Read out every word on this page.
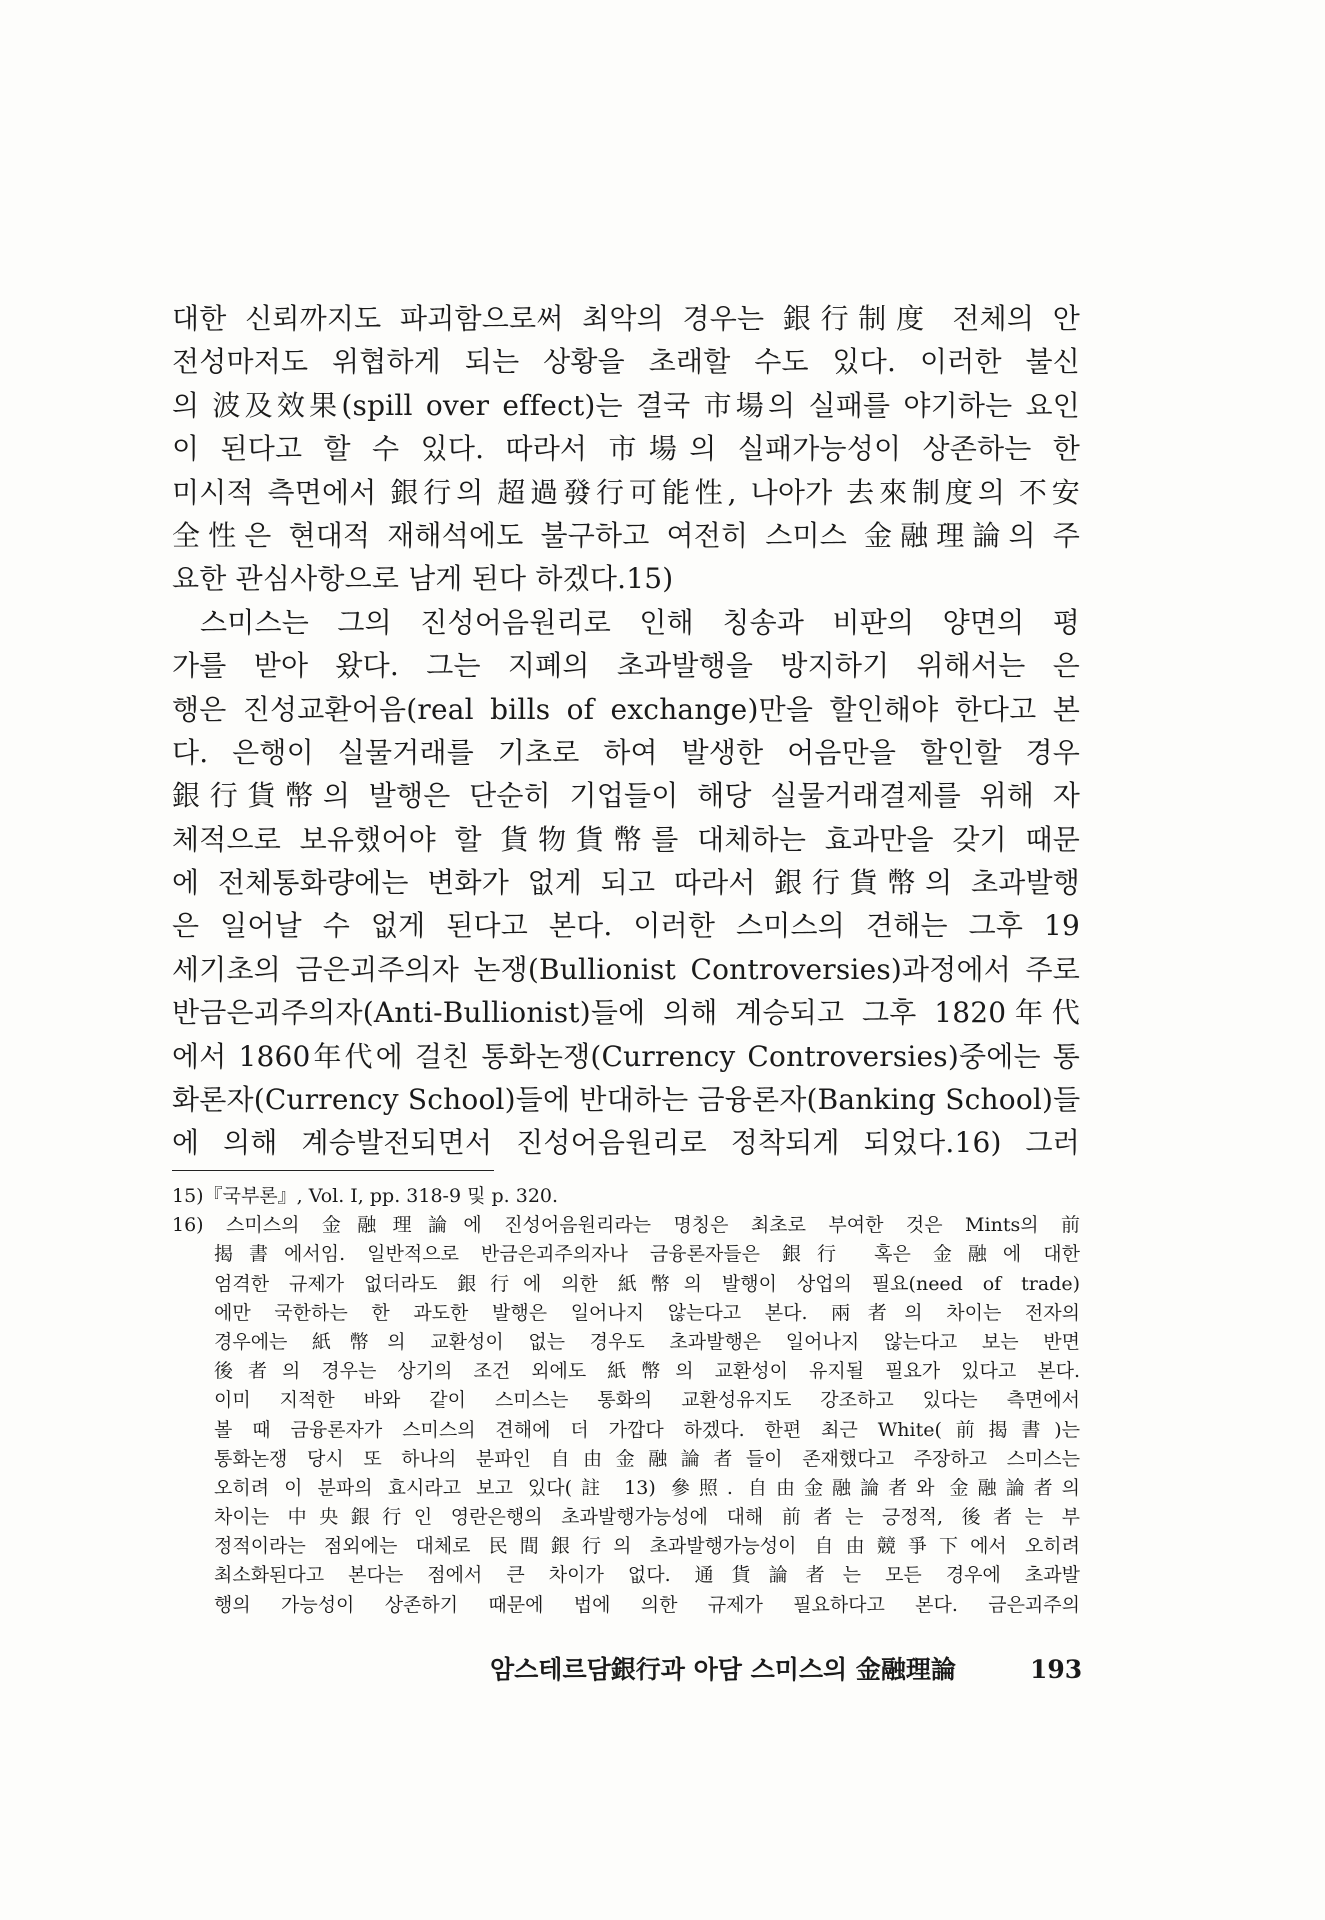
대한 신뢰까지도 파괴함으로써 최악의 경우는 銀行制度 전체의 안
전성마저도 위협하게 되는 상황을 초래할 수도 있다. 이러한 불신
의 波及效果(spill over effect)는 결국 市場의 실패를 야기하는 요인
이 된다고 할 수 있다. 따라서 市場의 실패가능성이 상존하는 한
미시적 측면에서 銀行의 超過發行可能性, 나아가 去來制度의 不安
全性은 현대적 재해석에도 불구하고 여전히 스미스 金融理論의 주
요한 관심사항으로 남게 된다 하겠다.15)
스미스는 그의 진성어음원리로 인해 칭송과 비판의 양면의 평
가를 받아 왔다. 그는 지폐의 초과발행을 방지하기 위해서는 은
행은 진성교환어음(real bills of exchange)만을 할인해야 한다고 본
다. 은행이 실물거래를 기초로 하여 발생한 어음만을 할인할 경우
銀行貨幣의 발행은 단순히 기업들이 해당 실물거래결제를 위해 자
체적으로 보유했어야 할 貨物貨幣를 대체하는 효과만을 갖기 때문
에 전체통화량에는 변화가 없게 되고 따라서 銀行貨幣의 초과발행
은 일어날 수 없게 된다고 본다. 이러한 스미스의 견해는 그후 19
세기초의 금은괴주의자 논쟁(Bullionist Controversies)과정에서 주로
반금은괴주의자(Anti-Bullionist)들에 의해 계승되고 그후 1820年代
에서 1860年代에 걸친 통화논쟁(Currency Controversies)중에는 통
화론자(Currency School)들에 반대하는 금융론자(Banking School)들
에 의해 계승발전되면서 진성어음원리로 정착되게 되었다.16) 그러
15)『국부론』, Vol. I, pp. 318-9 및 p. 320.
16) 스미스의 金融理論에 진성어음원리라는 명칭은 최초로 부여한 것은 Mints의 前
揭書에서임. 일반적으로 반금은괴주의자나 금융론자들은 銀行 혹은 金融에 대한
엄격한 규제가 없더라도 銀行에 의한 紙幣의 발행이 상업의 필요(need of trade)
에만 국한하는 한 과도한 발행은 일어나지 않는다고 본다. 兩者의 차이는 전자의
경우에는 紙幣의 교환성이 없는 경우도 초과발행은 일어나지 않는다고 보는 반면
後者의 경우는 상기의 조건 외에도 紙幣의 교환성이 유지될 필요가 있다고 본다.
이미 지적한 바와 같이 스미스는 통화의 교환성유지도 강조하고 있다는 측면에서
볼 때 금융론자가 스미스의 견해에 더 가깝다 하겠다. 한편 최근 White(前揭書)는
통화논쟁 당시 또 하나의 분파인 自由金融論者들이 존재했다고 주장하고 스미스는
오히려 이 분파의 효시라고 보고 있다(註 13) 參照. 自由金融論者와 金融論者의
차이는 中央銀行인 영란은행의 초과발행가능성에 대해 前者는 긍정적, 後者는 부
정적이라는 점외에는 대체로 民間銀行의 초과발행가능성이 自由競爭下에서 오히려
최소화된다고 본다는 점에서 큰 차이가 없다. 通貨論者는 모든 경우에 초과발
행의 가능성이 상존하기 때문에 법에 의한 규제가 필요하다고 본다. 금은괴주의
암스테르담銀行과 아담 스미스의 金融理論	193
